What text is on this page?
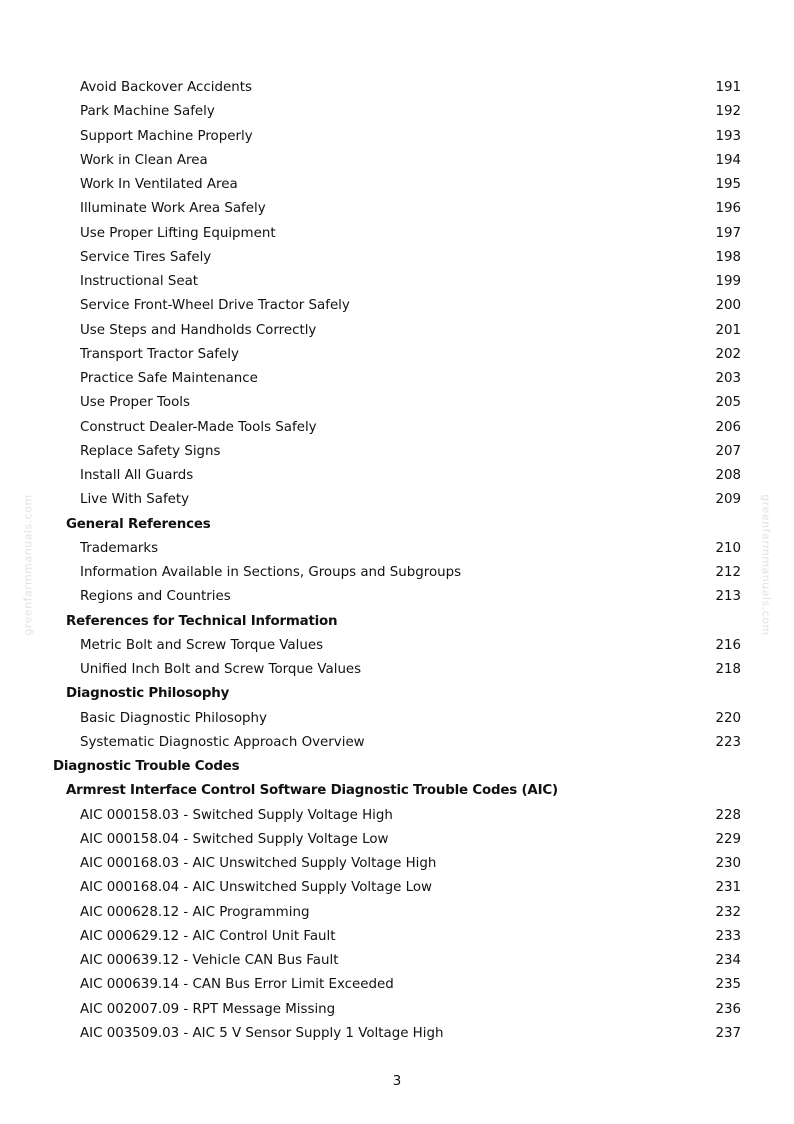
Avoid Backover Accidents	191
Park Machine Safely	192
Support Machine Properly	193
Work in Clean Area	194
Work In Ventilated Area	195
Illuminate Work Area Safely	196
Use Proper Lifting Equipment	197
Service Tires Safely	198
Instructional Seat	199
Service Front-Wheel Drive Tractor Safely	200
Use Steps and Handholds Correctly	201
Transport Tractor Safely	202
Practice Safe Maintenance	203
Use Proper Tools	205
Construct Dealer-Made Tools Safely	206
Replace Safety Signs	207
Install All Guards	208
Live With Safety	209
General References
Trademarks	210
Information Available in Sections, Groups and Subgroups	212
Regions and Countries	213
References for Technical Information
Metric Bolt and Screw Torque Values	216
Unified Inch Bolt and Screw Torque Values	218
Diagnostic Philosophy
Basic Diagnostic Philosophy	220
Systematic Diagnostic Approach Overview	223
Diagnostic Trouble Codes
Armrest Interface Control Software Diagnostic Trouble Codes (AIC)
AIC 000158.03 - Switched Supply Voltage High	228
AIC 000158.04 - Switched Supply Voltage Low	229
AIC 000168.03 - AIC Unswitched Supply Voltage High	230
AIC 000168.04 - AIC Unswitched Supply Voltage Low	231
AIC 000628.12 - AIC Programming	232
AIC 000629.12 - AIC Control Unit Fault	233
AIC 000639.12 - Vehicle CAN Bus Fault	234
AIC 000639.14 - CAN Bus Error Limit Exceeded	235
AIC 002007.09 - RPT Message Missing	236
AIC 003509.03 - AIC 5 V Sensor Supply 1 Voltage High	237
greenfarmmanuals.com	greenfarmmanuals.com
3
